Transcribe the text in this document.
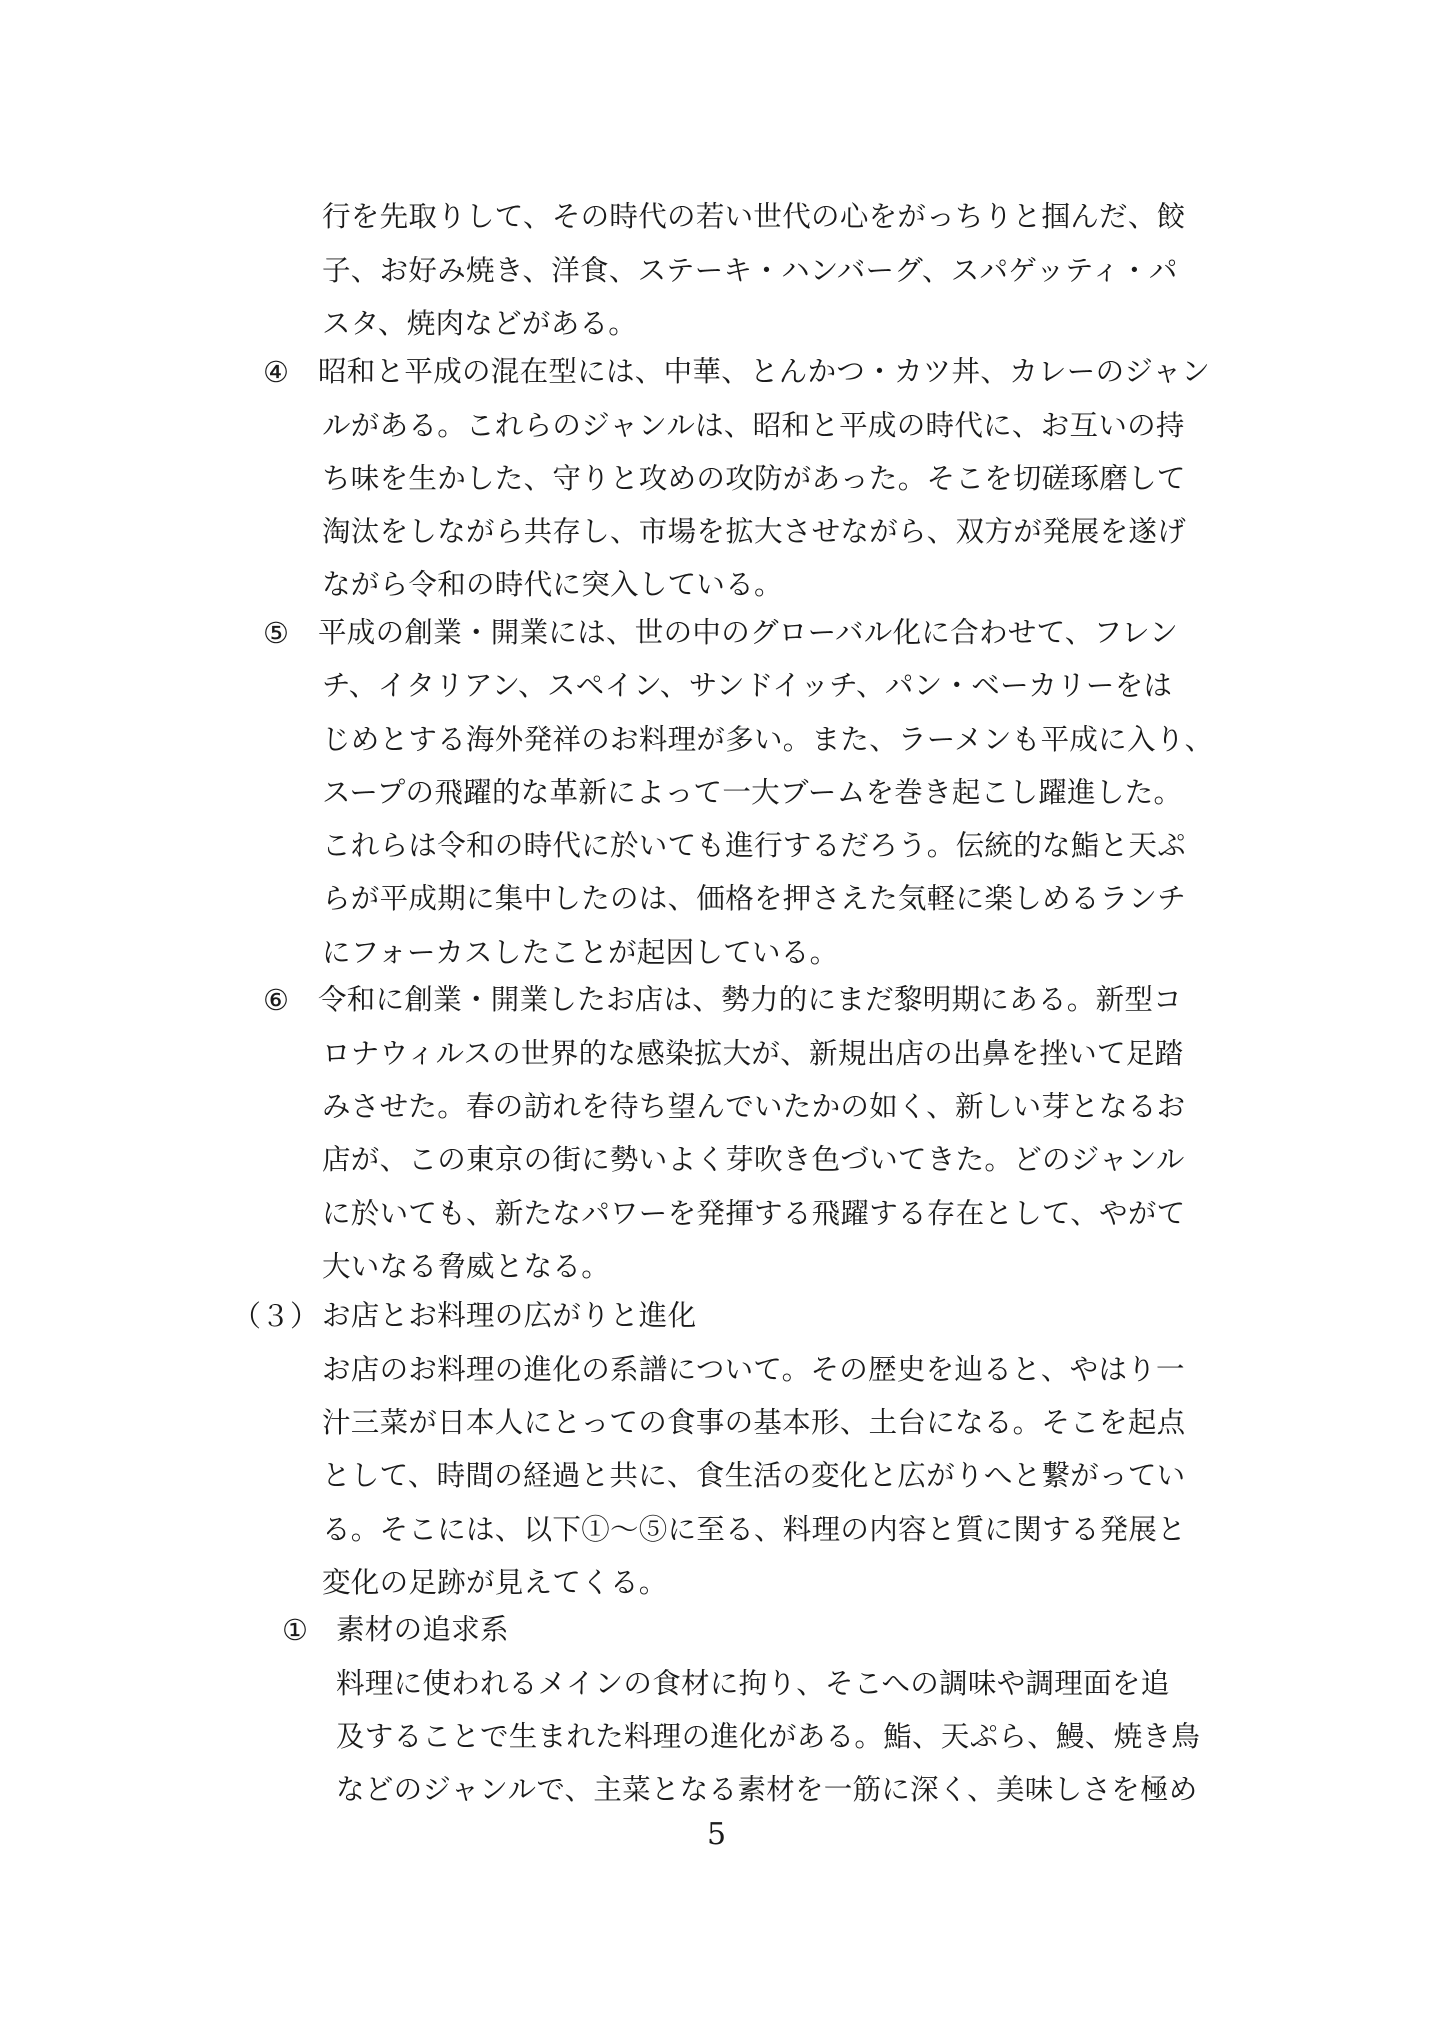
行を先取りして、その時代の若い世代の心をがっちりと掴んだ、餃
子、お好み焼き、洋食、ステーキ・ハンバーグ、スパゲッティ・パ
スタ、焼肉などがある。
④ 昭和と平成の混在型には、中華、とんかつ・カツ丼、カレーのジャン
ルがある。これらのジャンルは、昭和と平成の時代に、お互いの持
ち味を生かした、守りと攻めの攻防があった。そこを切磋琢磨して
淘汰をしながら共存し、市場を拡大させながら、双方が発展を遂げ
ながら令和の時代に突入している。
⑤ 平成の創業・開業には、世の中のグローバル化に合わせて、フレン
チ、イタリアン、スペイン、サンドイッチ、パン・ベーカリーをは
じめとする海外発祥のお料理が多い。また、ラーメンも平成に入り、
スープの飛躍的な革新によって一大ブームを巻き起こし躍進した。
これらは令和の時代に於いても進行するだろう。伝統的な鮨と天ぷ
らが平成期に集中したのは、価格を押さえた気軽に楽しめるランチ
にフォーカスしたことが起因している。
⑥ 令和に創業・開業したお店は、勢力的にまだ黎明期にある。新型コ
ロナウィルスの世界的な感染拡大が、新規出店の出鼻を挫いて足踏
みさせた。春の訪れを待ち望んでいたかの如く、新しい芽となるお
店が、この東京の街に勢いよく芽吹き色づいてきた。どのジャンル
に於いても、新たなパワーを発揮する飛躍する存在として、やがて
大いなる脅威となる。
（３） お店とお料理の広がりと進化
お店のお料理の進化の系譜について。その歴史を辿ると、やはり一
汁三菜が日本人にとっての食事の基本形、土台になる。そこを起点
として、時間の経過と共に、食生活の変化と広がりへと繋がってい
る。そこには、以下①～⑤に至る、料理の内容と質に関する発展と
変化の足跡が見えてくる。
① 素材の追求系
料理に使われるメインの食材に拘り、そこへの調味や調理面を追
及することで生まれた料理の進化がある。鮨、天ぷら、鰻、焼き鳥
などのジャンルで、主菜となる素材を一筋に深く、美味しさを極め
5
